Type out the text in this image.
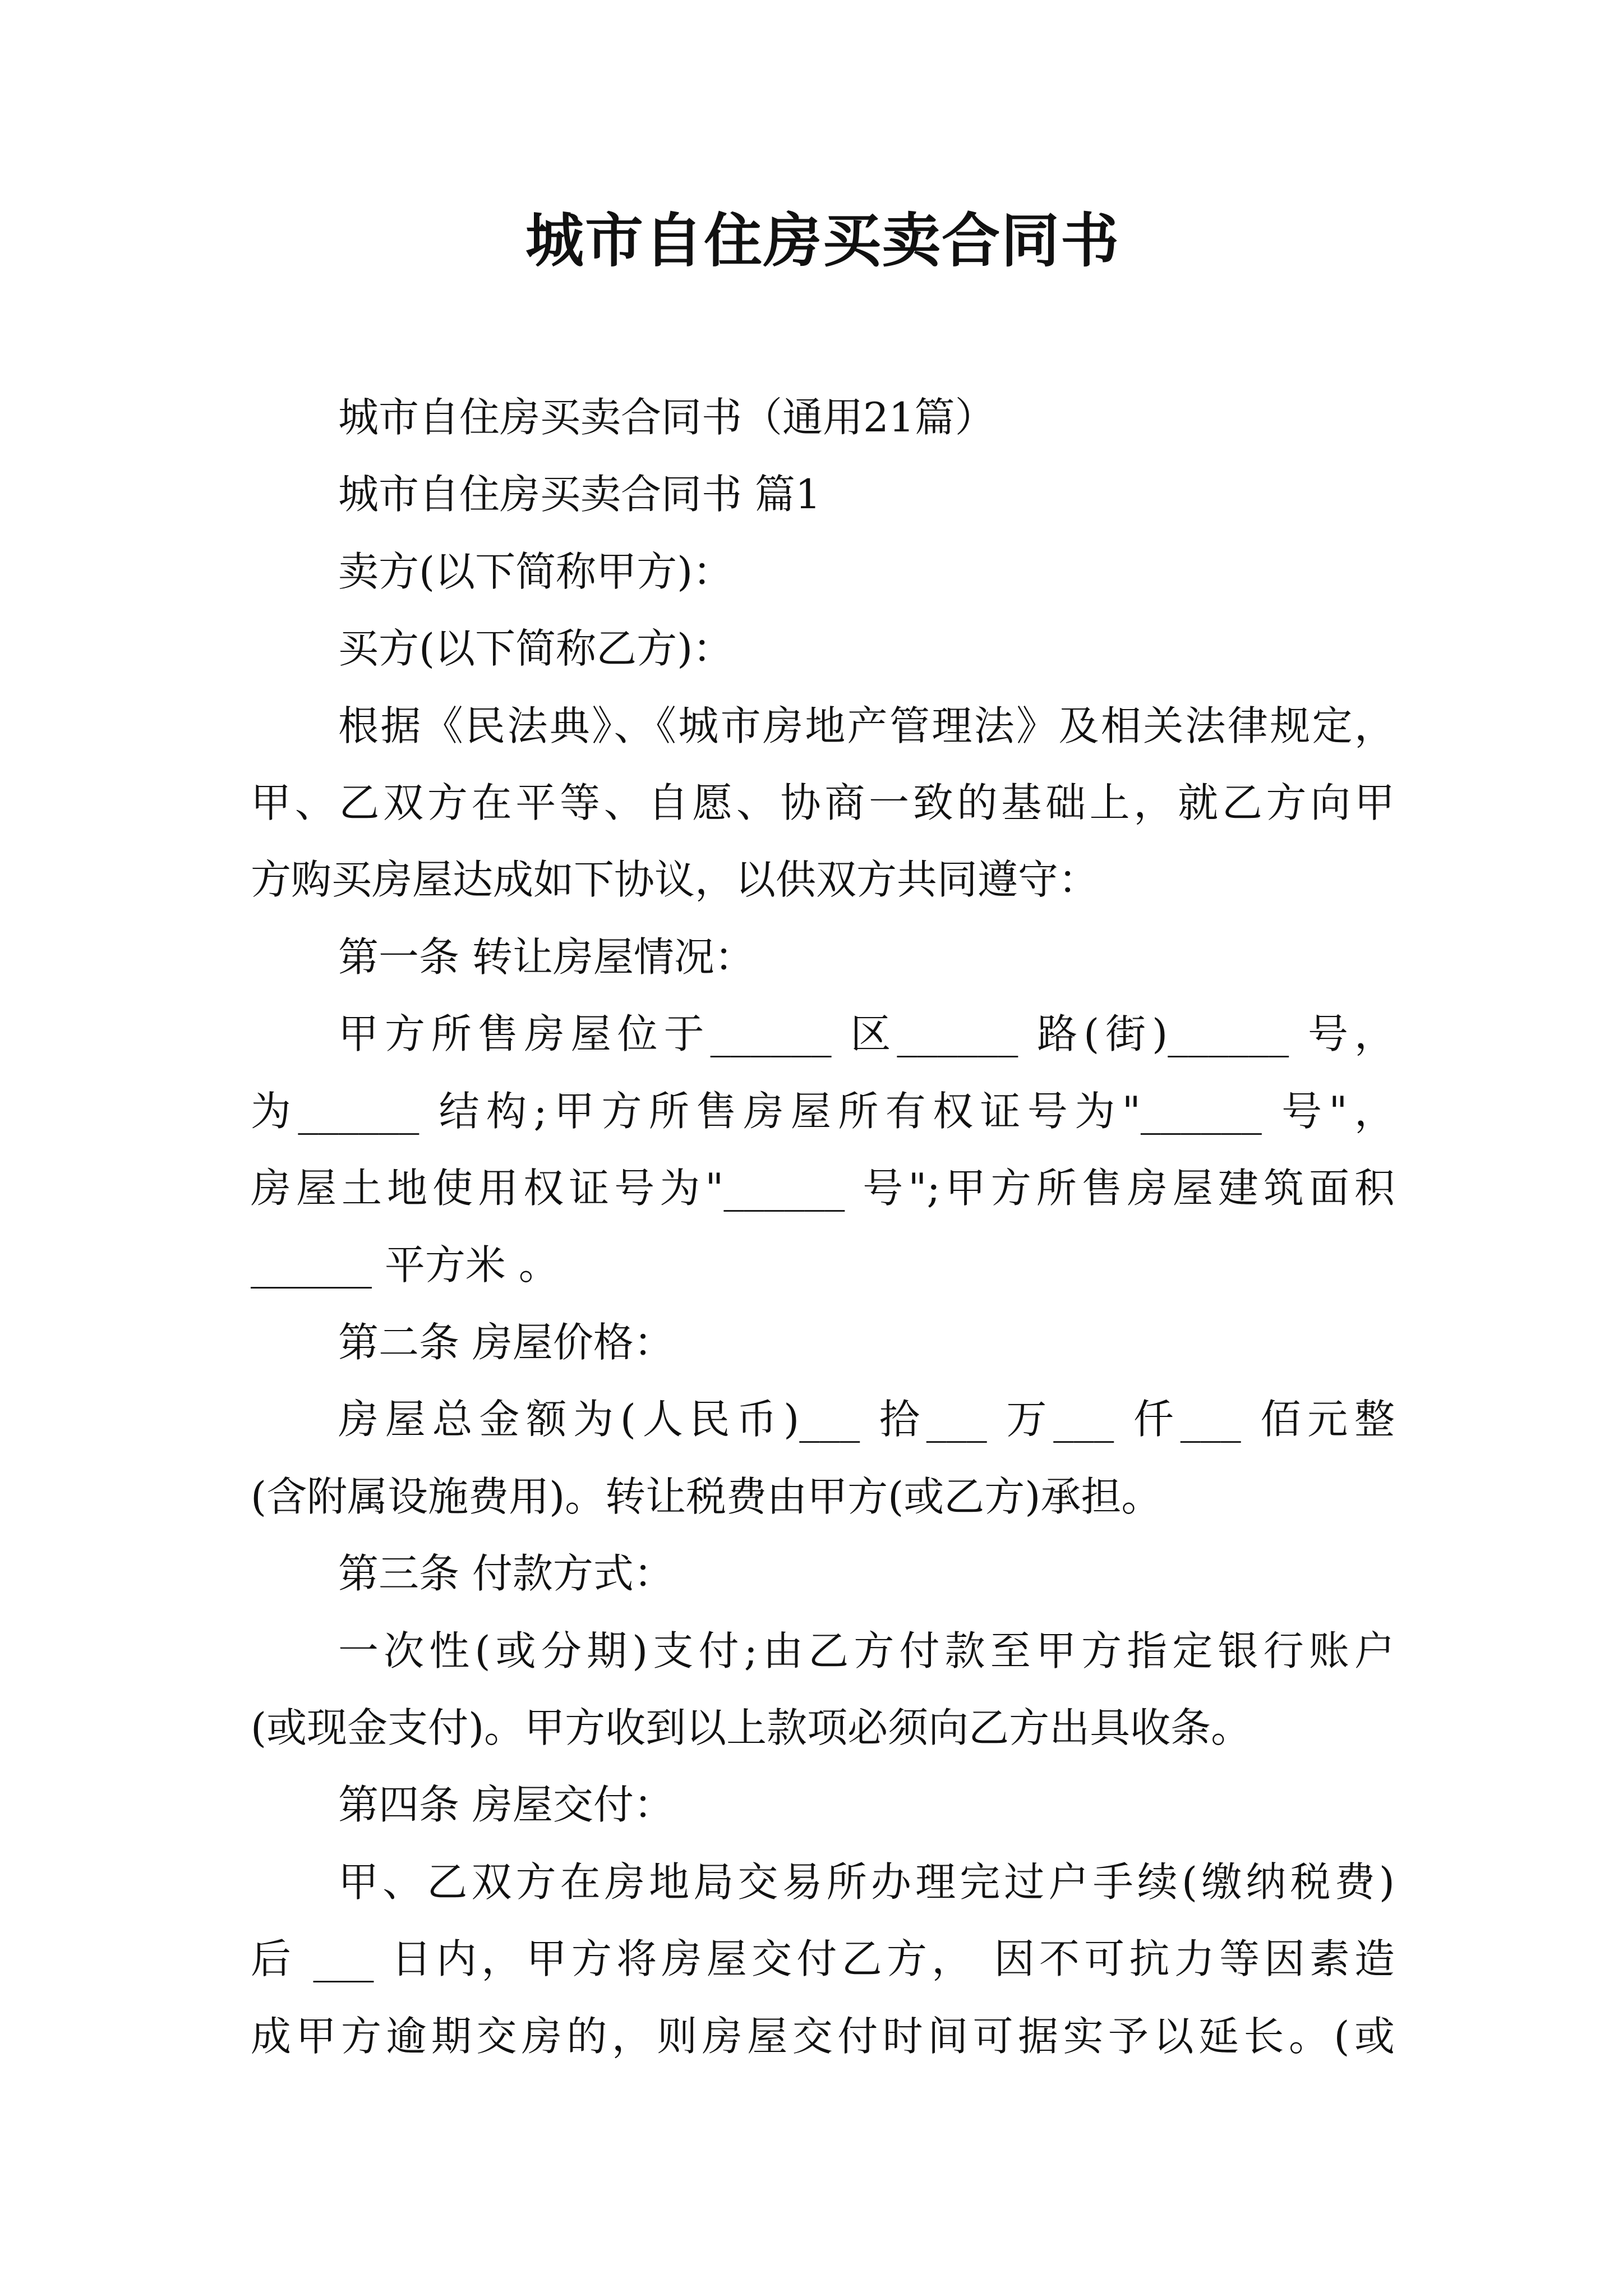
城市自住房买卖合同书
城市自住房买卖合同书（通用21篇）
城市自住房买卖合同书 篇1
卖方(以下简称甲方)：
买方(以下简称乙方)：
根据《民法典》、《城市房地产管理法》及相关法律规定，
甲、乙双方在平等、自愿、协商一致的基础上，就乙方向甲
方购买房屋达成如下协议，以供双方共同遵守：
第一条 转让房屋情况：
甲方所售房屋位于______ 区______ 路(街)______ 号，
为______ 结构;甲方所售房屋所有权证号为"______ 号"，
房屋土地使用权证号为"______ 号";甲方所售房屋建筑面积
______ 平方米 。
第二条 房屋价格：
房屋总金额为(人民币)___ 拾___ 万___ 仟___ 佰元整
(含附属设施费用)。转让税费由甲方(或乙方)承担。
第三条 付款方式：
一次性(或分期)支付;由乙方付款至甲方指定银行账户
(或现金支付)。甲方收到以上款项必须向乙方出具收条。
第四条 房屋交付：
甲、乙双方在房地局交易所办理完过户手续(缴纳税费)
后 ___ 日内，甲方将房屋交付乙方， 因不可抗力等因素造
成甲方逾期交房的，则房屋交付时间可据实予以延长。(或
